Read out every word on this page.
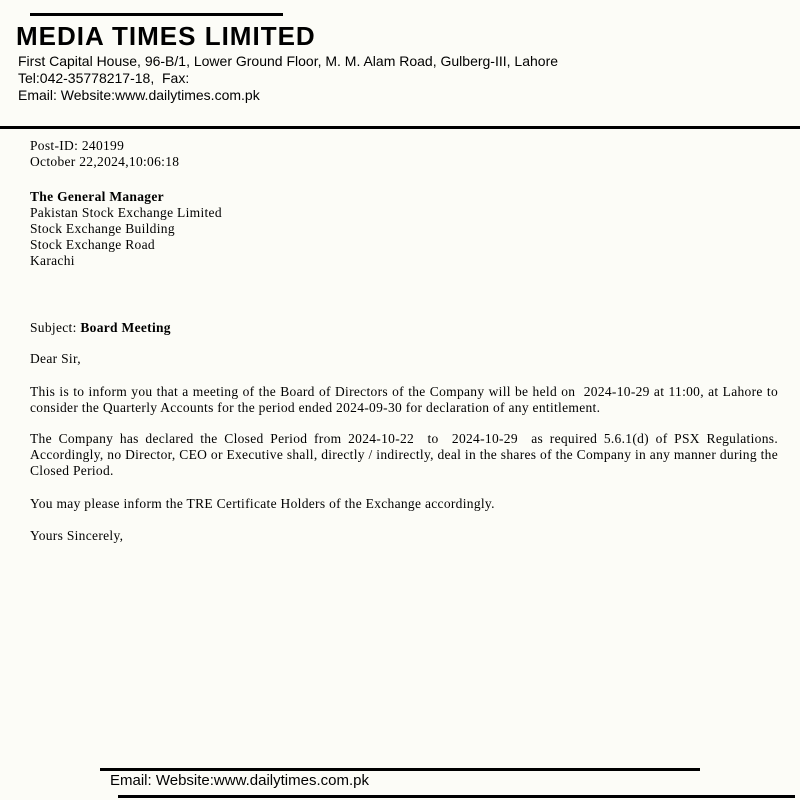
MEDIA TIMES LIMITED
First Capital House, 96-B/1, Lower Ground Floor, M. M. Alam Road, Gulberg-III, Lahore
Tel:042-35778217-18,  Fax:
Email: Website:www.dailytimes.com.pk
Post-ID: 240199
October 22,2024,10:06:18
The General Manager
Pakistan Stock Exchange Limited
Stock Exchange Building
Stock Exchange Road
Karachi
Subject: Board Meeting
Dear Sir,
This is to inform you that a meeting of the Board of Directors of the Company will be held on  2024-10-29 at 11:00, at Lahore to consider the Quarterly Accounts for the period ended 2024-09-30 for declaration of any entitlement.
The Company has declared the Closed Period from 2024-10-22  to  2024-10-29  as required 5.6.1(d) of PSX Regulations. Accordingly, no Director, CEO or Executive shall, directly / indirectly, deal in the shares of the Company in any manner during the Closed Period.
You may please inform the TRE Certificate Holders of the Exchange accordingly.
Yours Sincerely,
Email: Website:www.dailytimes.com.pk
